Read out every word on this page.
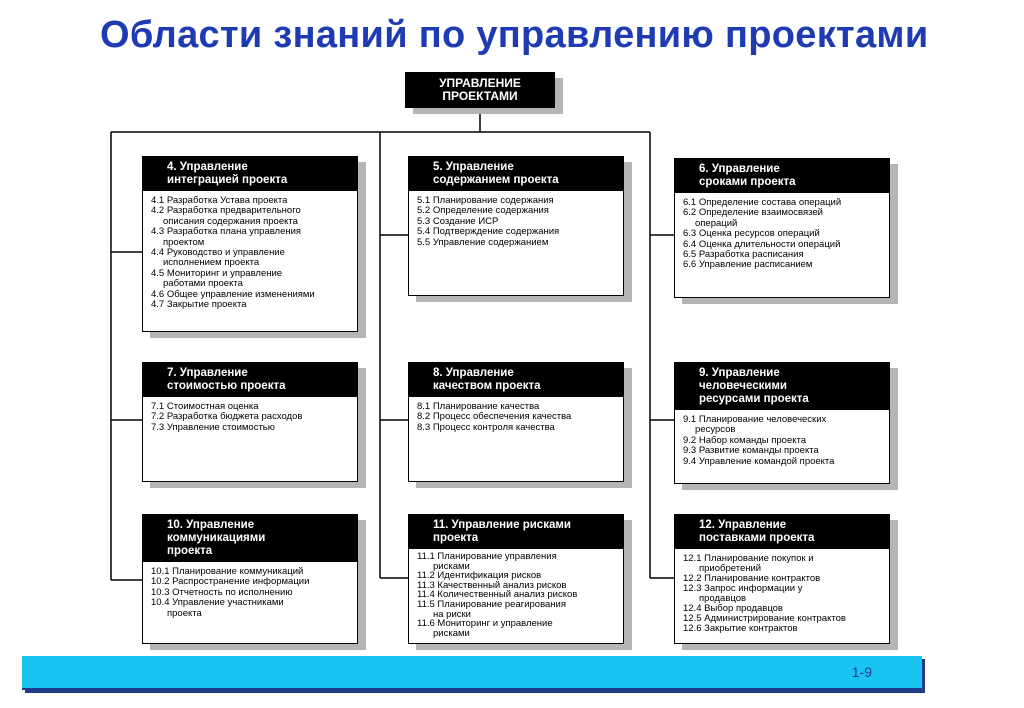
Области знаний по управлению проектами
УПРАВЛЕНИЕ
ПРОЕКТАМИ
4. Управление
интеграцией проекта
4.1 Разработка Устава проекта
4.2 Разработка предварительного
описания содержания проекта
4.3 Разработка плана управления
проектом
4.4 Руководство и управление
исполнением проекта
4.5 Мониторинг и управление
работами проекта
4.6 Общее управление изменениями
4.7 Закрытие проекта
5. Управление
содержанием проекта
5.1 Планирование содержания
5.2 Определение содержания
5.3 Создание ИСР
5.4 Подтверждение содержания
5.5 Управление содержанием
6. Управление
сроками проекта
6.1 Определение состава операций
6.2 Определение взаимосвязей
операций
6.3 Оценка ресурсов операций
6.4 Оценка длительности операций
6.5 Разработка расписания
6.6 Управление расписанием
7. Управление
стоимостью проекта
7.1 Стоимостная оценка
7.2 Разработка бюджета расходов
7.3 Управление стоимостью
8. Управление
качеством проекта
8.1 Планирование качества
8.2 Процесс обеспечения качества
8.3 Процесс контроля качества
9. Управление
человеческими
ресурсами проекта
9.1 Планирование человеческих
ресурсов
9.2 Набор команды проекта
9.3 Развитие команды проекта
9.4 Управление командой проекта
10. Управление
коммуникациями
проекта
10.1 Планирование коммуникаций
10.2 Распространение информации
10.3 Отчетность по исполнению
10.4 Управление участниками
проекта
11. Управление рисками
проекта
11.1 Планирование управления
рисками
11.2 Идентификация рисков
11.3 Качественный анализ рисков
11.4 Количественный анализ рисков
11.5 Планирование реагирования
на риски
11.6 Мониторинг и управление
рисками
12. Управление
поставками проекта
12.1 Планирование покупок и
приобретений
12.2 Планирование контрактов
12.3 Запрос информации у
продавцов
12.4 Выбор продавцов
12.5 Администрирование контрактов
12.6 Закрытие контрактов
1-9
